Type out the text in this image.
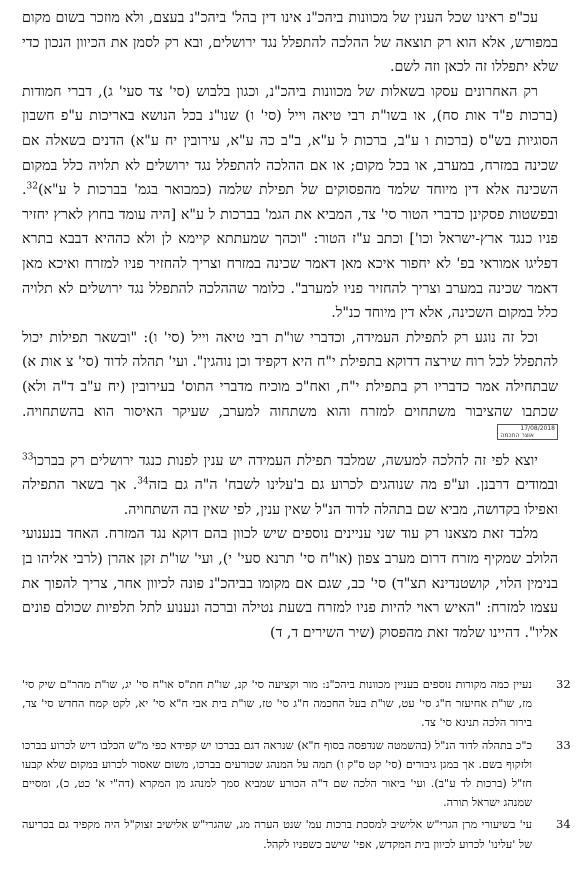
עכ"פ ראינו שכל הענין של מכוונות ביהכ"נ אינו דין בהל' ביהכ"נ בעצם, ולא מוזכר בשום מקום במפורש, אלא הוא רק תוצאה של ההלכה להתפלל נגד ירושלים, ובא רק לסמן את הכיוון הנכון כדי שלא יתפללו זה לכאן וזה לשם.

רק האחרונים עסקו בשאלות של מכוונות ביהכ"נ, וכגון בלבוש (סי' צד סעי' ג), דברי חמודות (ברכות פ"ד אות סח), או בשו"ת רבי טיאה וייל (סי' ו) שנו"נ בכל הנושא באריכות ע"פ חשבון הסוגיות בש"ס (ברכות ו ע"ב, ברכות ל ע"א, ב"ב כה ע"א, עירובין יח ע"א) הדנים בשאלה אם שכינה במזרח, במערב, או בכל מקום; או אם ההלכה להתפלל נגד ירושלים לא תלויה כלל במקום השכינה אלא דין מיוחד שלמד מהפסוקים של תפילת שלמה (כמבואר בגמ' בברכות ל ע"א)$^{32}$. ובפשטות פסקינן כדברי הטור סי' צד, המביא את הגמ' בברכות ל ע"א [היה עומד בחוץ לארץ יחזיר פניו כנגד ארץ-ישראל וכו'] וכתב ע"ז הטור: "וכהך שמעתתא קיימא לן ולא כההיא דבבא בתרא דפליגו אמוראי בפ' לא יחפור איכא מאן דאמר שכינה במזרח וצריך להחזיר פניו למזרח ואיכא מאן דאמר שכינה במערב וצריך להחזיר פניו למערב". כלומר שההלכה להתפלל נגד ירושלים לא תלויה כלל במקום השכינה, אלא דין מיוחד כנ"ל.

וכל זה נוגע רק לתפילת העמידה, וכדברי שו"ת רבי טיאה וייל (סי' ו): "ובשאר תפילות יכול להתפלל לכל רוח שירצה דדוקא בתפילת י"ח היא דקפיד וכן נוהגין". ועי' תהלה לדוד (סי' צ אות א) שבתחילה אמר כדבריו רק בתפילת י"ח, ואח"כ מוכיח מדברי התוס' בעירובין (יח ע"ב ד"ה ולא) שכתבו שהציבור משתחוים למזרח והוא משתחוה למערב, שעיקר האיסור הוא בהשתחויה. 17/08/2018
אוצר החכמה

יוצא לפי זה להלכה למעשה, שמלבד תפילת העמידה יש ענין לפנות כנגד ירושלים רק בברכו$^{33}$ ובמודים דרבנן. וע"פ מה שנוהגים לכרוע גם ב'עלינו לשבח' ה"ה גם בזה$^{34}$. אך בשאר התפילה ואפילו בקדושה, מביא שם בתהלה לדוד הנ"ל שאין ענין, לפי שאין בה השתחויה.

מלבד זאת מצאנו רק עוד שני עניינים נוספים שיש לכוון בהם דוקא נגד המזרח. האחד בנענועי הלולב שמקיף מזרח דרום מערב צפון (או"ח סי' תרנא סעי' י), ועי' שו"ת זקן אהרן (לרבי אליהו בן בנימין הלוי, קושטנדינא תצ"ד) סי' כב, שגם אם מקומו בביהכ"נ פונה לכיוון אחר, צריך להפוך את עצמו למזרח: "האיש ראוי להיות פניו למזרח בשעת נטילה וברכה ונענוע לתל תלפיות שכולם פונים אליו". דהיינו שלמד זאת מהפסוק (שיר השירים ד, ד)

32
נעיין כמה מקורות נוספים בעניין מכוונות ביהכ"נ: מור וקציעה סי' קנ, שו"ת חת"ס או"ח סי' יג, שו"ת מהר"ם שיק סי' מז, שו"ת אחיעזר ח"ג סי' עט, שו"ת בעל החכמה ח"ג סי' טז, שו"ת בית אבי ח"א סי' יא, לקט קמח החדש סי' צד, בירור הלכה תנינא סי' צד.
33
כ"כ בתהלה לדוד הנ"ל (בהשמטה שנדפסה בסוף ח"א) שנראה דגם בברכו יש קפידא כפי מ"ש הכלבו דיש לכרוע בברכו ולזקוף בשם. אך במגן גיבורים (סי' קט ס"ק ו) תמה על המנהג שכורעים בברכו, משום שאסור לכרוע במקום שלא קבעו חז"ל (ברכות לד ע"ב). ועי' ביאור הלכה שם ד"ה הכורע שמביא סמך למנהג מן המקרא (דה"י א' כט, כ), ומסיים שמנהג ישראל תורה.
34
עי' בשיעורי מרן הגרי"ש אלישיב למסכת ברכות עמ' שנט הערה מג, שהגרי"ש אלישיב זצוק"ל היה מקפיד גם בכריעה של 'עלינו' לכרוע לכיוון בית המקדש, אפי' שישב כשפניו לקהל.
